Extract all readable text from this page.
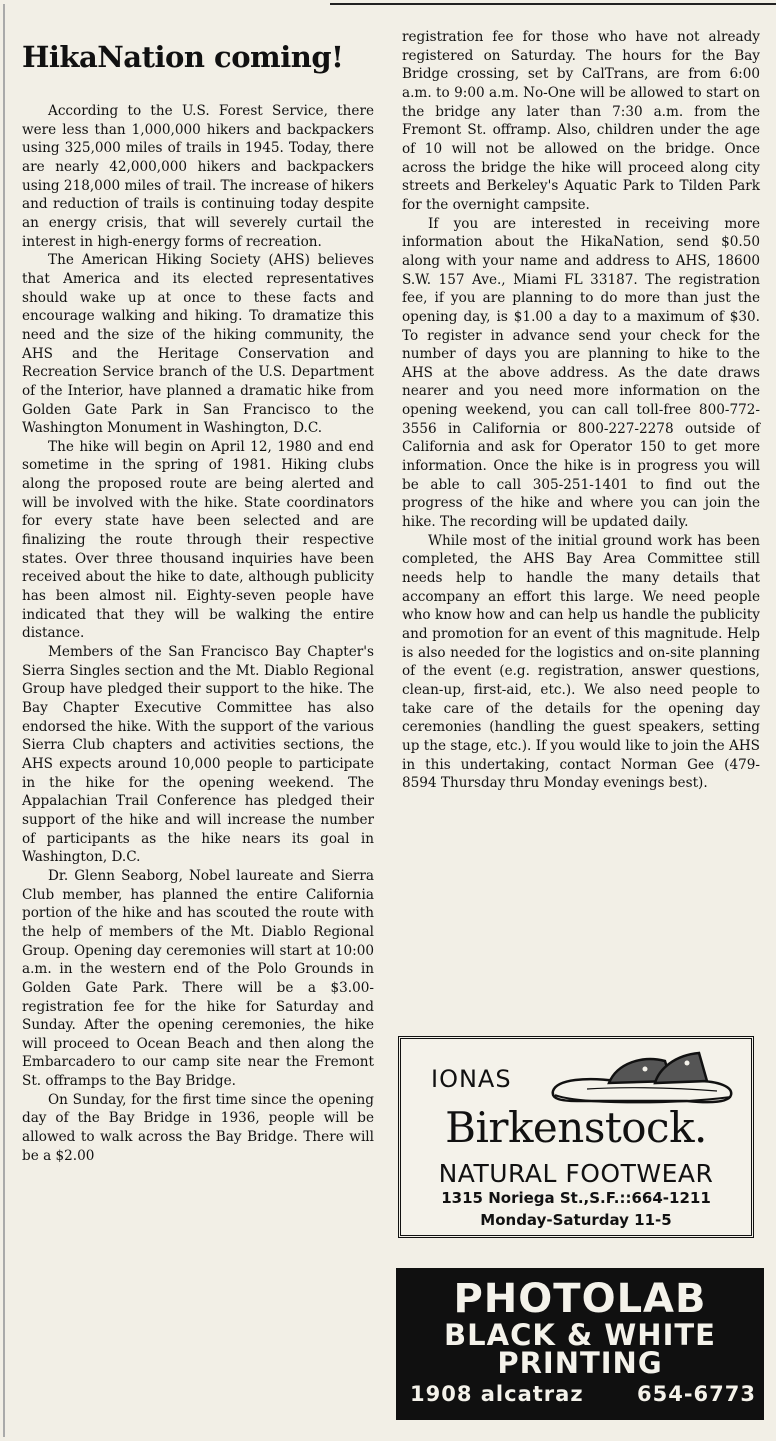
HikaNation coming!

According to the U.S. Forest Service, there were less than 1,000,000 hikers and backpackers using 325,000 miles of trails in 1945. Today, there are nearly 42,000,000 hikers and backpackers using 218,000 miles of trail. The increase of hikers and reduction of trails is continuing today despite an energy crisis, that will severely curtail the interest in high-energy forms of recreation.

The American Hiking Society (AHS) believes that America and its elected representatives should wake up at once to these facts and encourage walking and hiking. To dramatize this need and the size of the hiking community, the AHS and the Heritage Conservation and Recreation Service branch of the U.S. Department of the Interior, have planned a dramatic hike from Golden Gate Park in San Francisco to the Washington Monument in Washington, D.C.

The hike will begin on April 12, 1980 and end sometime in the spring of 1981. Hiking clubs along the proposed route are being alerted and will be involved with the hike. State coordinators for every state have been selected and are finalizing the route through their respective states. Over three thousand inquiries have been received about the hike to date, although publicity has been almost nil. Eighty-seven people have indicated that they will be walking the entire distance.

Members of the San Francisco Bay Chapter's Sierra Singles section and the Mt. Diablo Regional Group have pledged their support to the hike. The Bay Chapter Executive Committee has also endorsed the hike. With the support of the various Sierra Club chapters and activities sections, the AHS expects around 10,000 people to participate in the hike for the opening weekend. The Appalachian Trail Conference has pledged their support of the hike and will increase the number of participants as the hike nears its goal in Washington, D.C.

Dr. Glenn Seaborg, Nobel laureate and Sierra Club member, has planned the entire California portion of the hike and has scouted the route with the help of members of the Mt. Diablo Regional Group. Opening day ceremonies will start at 10:00 a.m. in the western end of the Polo Grounds in Golden Gate Park. There will be a $3.00-registration fee for the hike for Saturday and Sunday. After the opening ceremonies, the hike will proceed to Ocean Beach and then along the Embarcadero to our camp site near the Fremont St. offramps to the Bay Bridge.

On Sunday, for the first time since the opening day of the Bay Bridge in 1936, people will be allowed to walk across the Bay Bridge. There will be a $2.00

registration fee for those who have not already registered on Saturday. The hours for the Bay Bridge crossing, set by CalTrans, are from 6:00 a.m. to 9:00 a.m. No-One will be allowed to start on the bridge any later than 7:30 a.m. from the Fremont St. offramp. Also, children under the age of 10 will not be allowed on the bridge. Once across the bridge the hike will proceed along city streets and Berkeley's Aquatic Park to Tilden Park for the overnight campsite.

If you are interested in receiving more information about the HikaNation, send $0.50 along with your name and address to AHS, 18600 S.W. 157 Ave., Miami FL 33187. The registration fee, if you are planning to do more than just the opening day, is $1.00 a day to a maximum of $30. To register in advance send your check for the number of days you are planning to hike to the AHS at the above address. As the date draws nearer and you need more information on the opening weekend, you can call toll-free 800-772-3556 in California or 800-227-2278 outside of California and ask for Operator 150 to get more information. Once the hike is in progress you will be able to call 305-251-1401 to find out the progress of the hike and where you can join the hike. The recording will be updated daily.

While most of the initial ground work has been completed, the AHS Bay Area Committee still needs help to handle the many details that accompany an effort this large. We need people who know how and can help us handle the publicity and promotion for an event of this magnitude. Help is also needed for the logistics and on-site planning of the event (e.g. registration, answer questions, clean-up, first-aid, etc.). We also need people to take care of the details for the opening day ceremonies (handling the guest speakers, setting up the stage, etc.). If you would like to join the AHS in this undertaking, contact Norman Gee (479-8594 Thursday thru Monday evenings best).

IONAS
Birkenstock.
NATURAL FOOTWEAR
1315 Noriega St.,S.F.::664-1211
Monday-Saturday 11-5
PHOTOLAB
BLACK & WHITE
PRINTING
1908 alcatraz	654-6773
